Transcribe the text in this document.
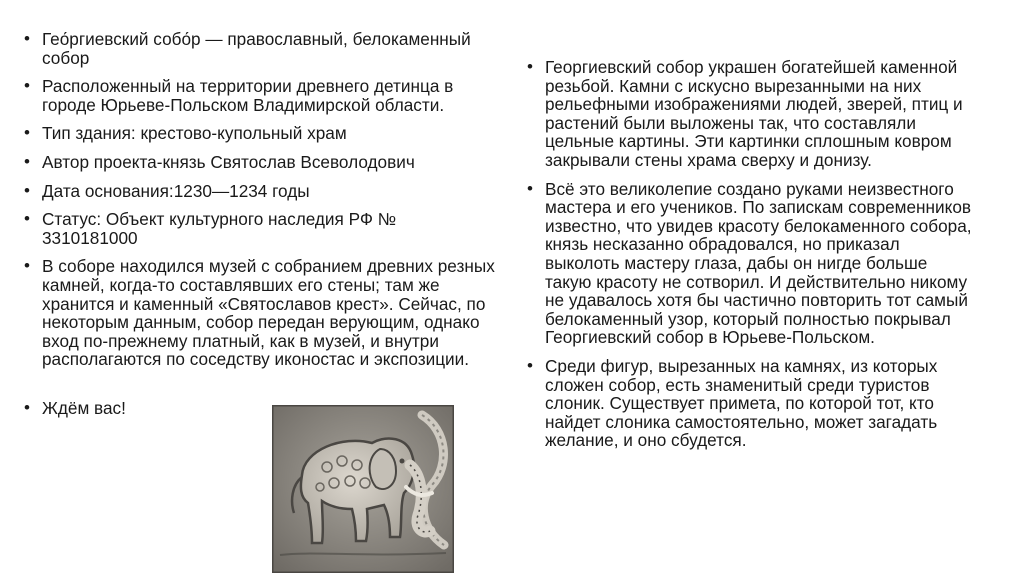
• Гео́ргиевский собо́р — православный, белокаменный собор
• Расположенный на территории древнего детинца в городе Юрьеве-Польском Владимирской области.
• Тип здания: крестово-купольный храм
• Автор проекта-князь Святослав Всеволодович
• Дата основания:1230—1234 годы
• Статус: Объект культурного наследия РФ № 3310181000
• В соборе находился музей с собранием древних резных камней, когда-то составлявших его стены; там же хранится и каменный «Святославов крест». Сейчас, по некоторым данным, собор передан верующим, однако вход по-прежнему платный, как в музей, и внутри располагаются по соседству иконостас и экспозиции.
• Ждём вас!
• Георгиевский собор украшен богатейшей каменной резьбой. Камни с искусно вырезанными на них рельефными изображениями людей, зверей, птиц и растений были выложены так, что составляли цельные картины. Эти картинки сплошным ковром закрывали стены храма сверху и донизу.
• Всё это великолепие создано руками неизвестного мастера и его учеников. По запискам современников известно, что увидев красоту белокаменного собора, князь несказанно обрадовался, но приказал выколоть мастеру глаза, дабы он нигде больше такую красоту не сотворил. И действительно никому не удавалось хотя бы частично повторить тот самый белокаменный узор, который полностью покрывал Георгиевский собор в Юрьеве-Польском.
• Среди фигур, вырезанных на камнях, из которых сложен собор, есть знаменитый среди туристов слоник. Существует примета, по которой тот, кто найдет слоника самостоятельно, может загадать желание, и оно сбудется.
